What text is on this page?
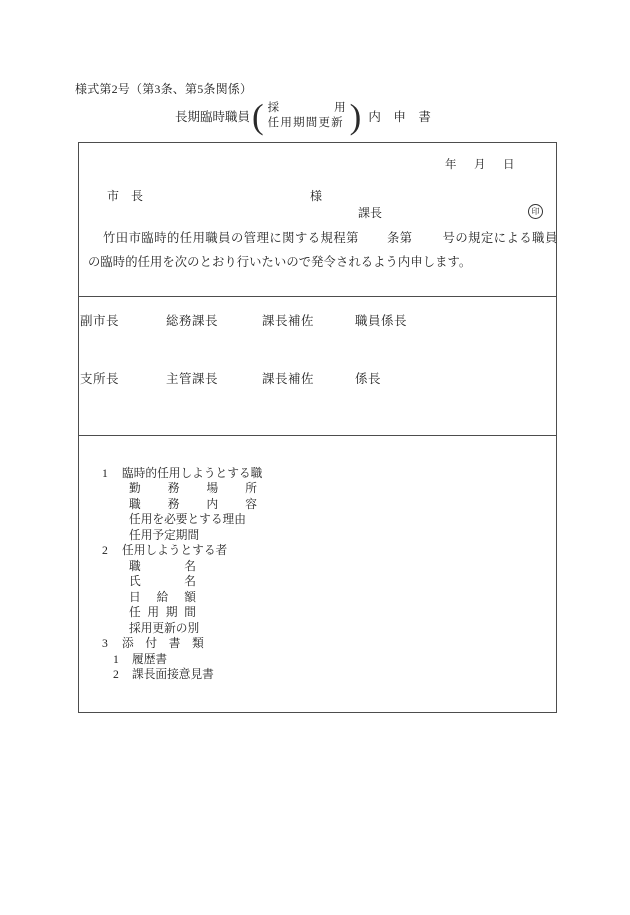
様式第2号（第3条、第5条関係）
長期臨時職員 ( 採	用
任用期間更新 ) 内　申　書
年 月 日
市　長	様
課長	印
竹田市臨時的任用職員の管理に関する規程第 条第 号の規定による職員
の臨時的任用を次のとおり行いたいので発令されるよう内申します。
副市長	総務課長	課長補佐	職員係長
支所長	主管課長	課長補佐	係長
1 臨時的任用しようとする職
勤　　務　　場　　所
職　　務　　内　　容
任用を必要とする理由
任用予定期間
2 任用しようとする者
職　　　名
氏　　　名
日　給　額
任 用 期 間
採用更新の別
3 添　付　書　類
1 履歴書
2 課長面接意見書
